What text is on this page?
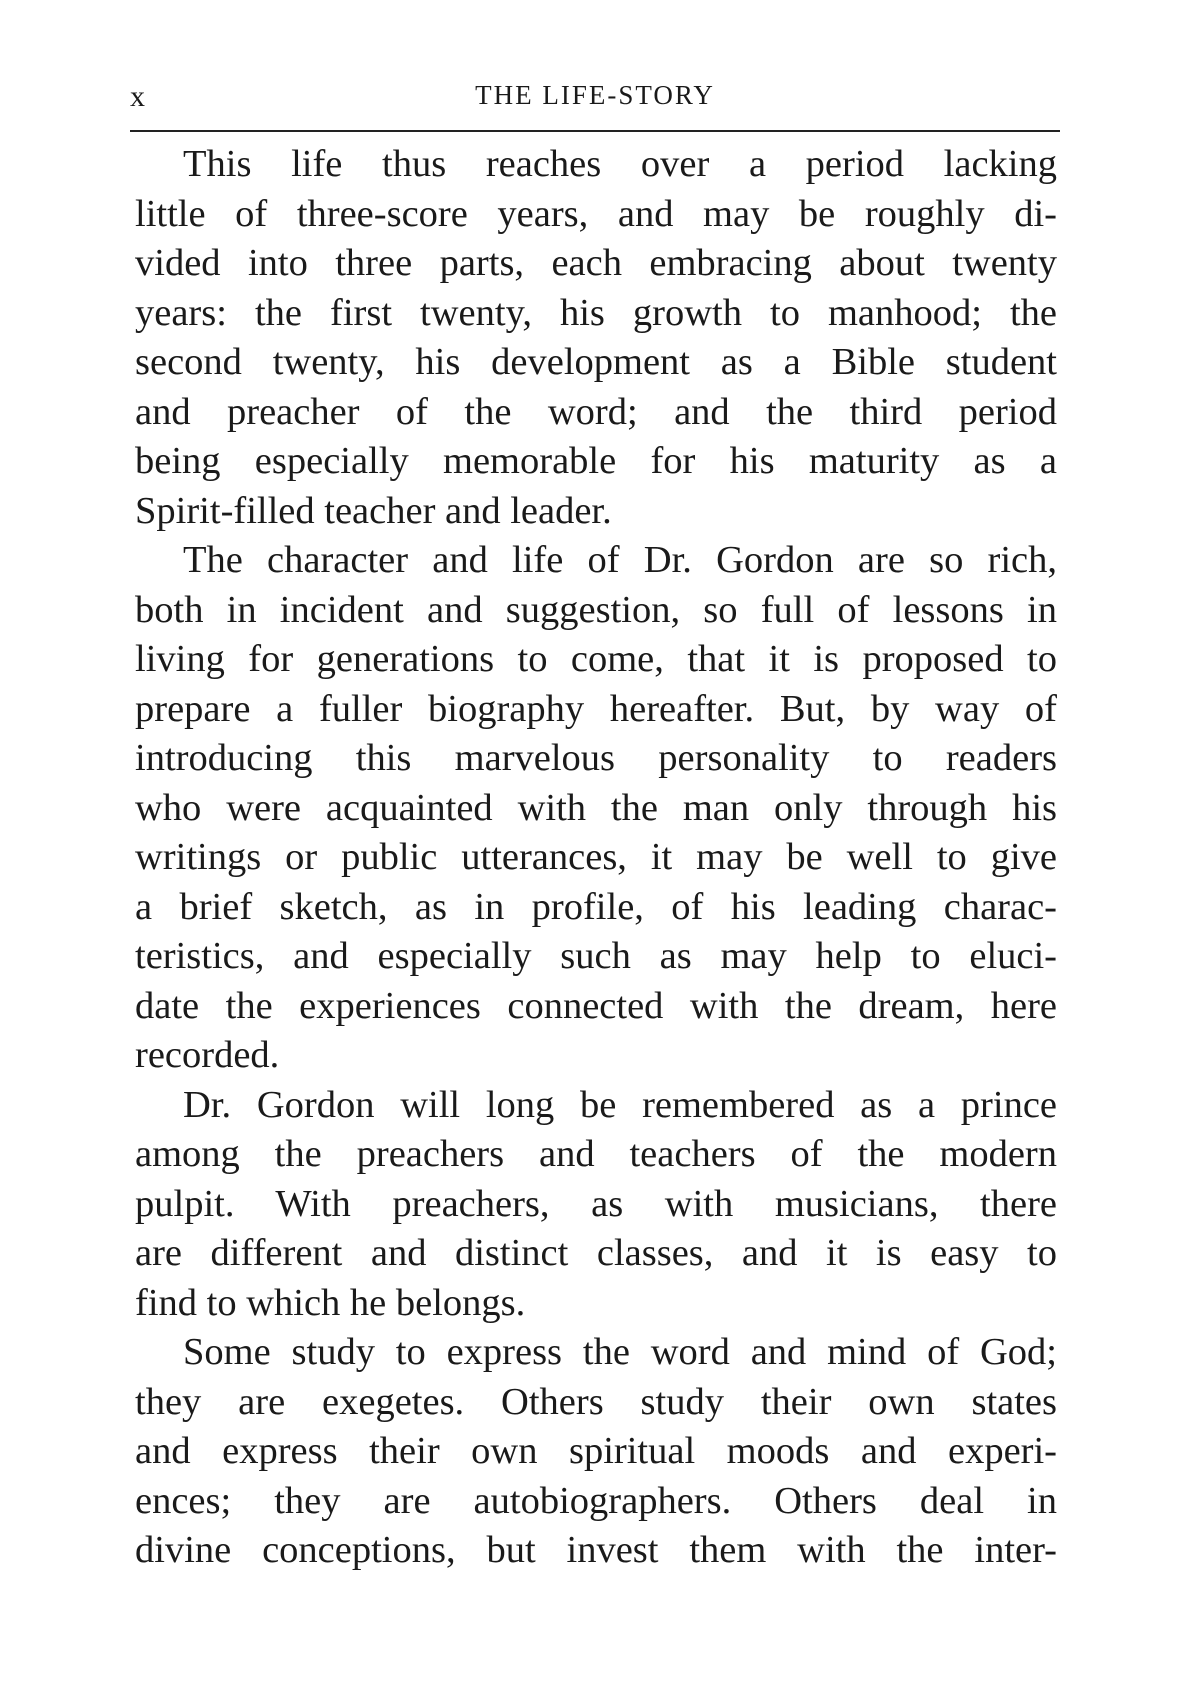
x	THE LIFE-STORY

This life thus reaches over a period lacking
little of three-score years, and may be roughly di-
vided into three parts, each embracing about twenty
years: the first twenty, his growth to manhood; the
second twenty, his development as a Bible student
and preacher of the word; and the third period
being especially memorable for his maturity as a
Spirit-filled teacher and leader.

The character and life of Dr. Gordon are so rich,
both in incident and suggestion, so full of lessons in
living for generations to come, that it is proposed to
prepare a fuller biography hereafter. But, by way of
introducing this marvelous personality to readers
who were acquainted with the man only through his
writings or public utterances, it may be well to give
a brief sketch, as in profile, of his leading charac-
teristics, and especially such as may help to eluci-
date the experiences connected with the dream, here
recorded.

Dr. Gordon will long be remembered as a prince
among the preachers and teachers of the modern
pulpit. With preachers, as with musicians, there
are different and distinct classes, and it is easy to
find to which he belongs.

Some study to express the word and mind of God;
they are exegetes. Others study their own states
and express their own spiritual moods and experi-
ences; they are autobiographers. Others deal in
divine conceptions, but invest them with the inter-
